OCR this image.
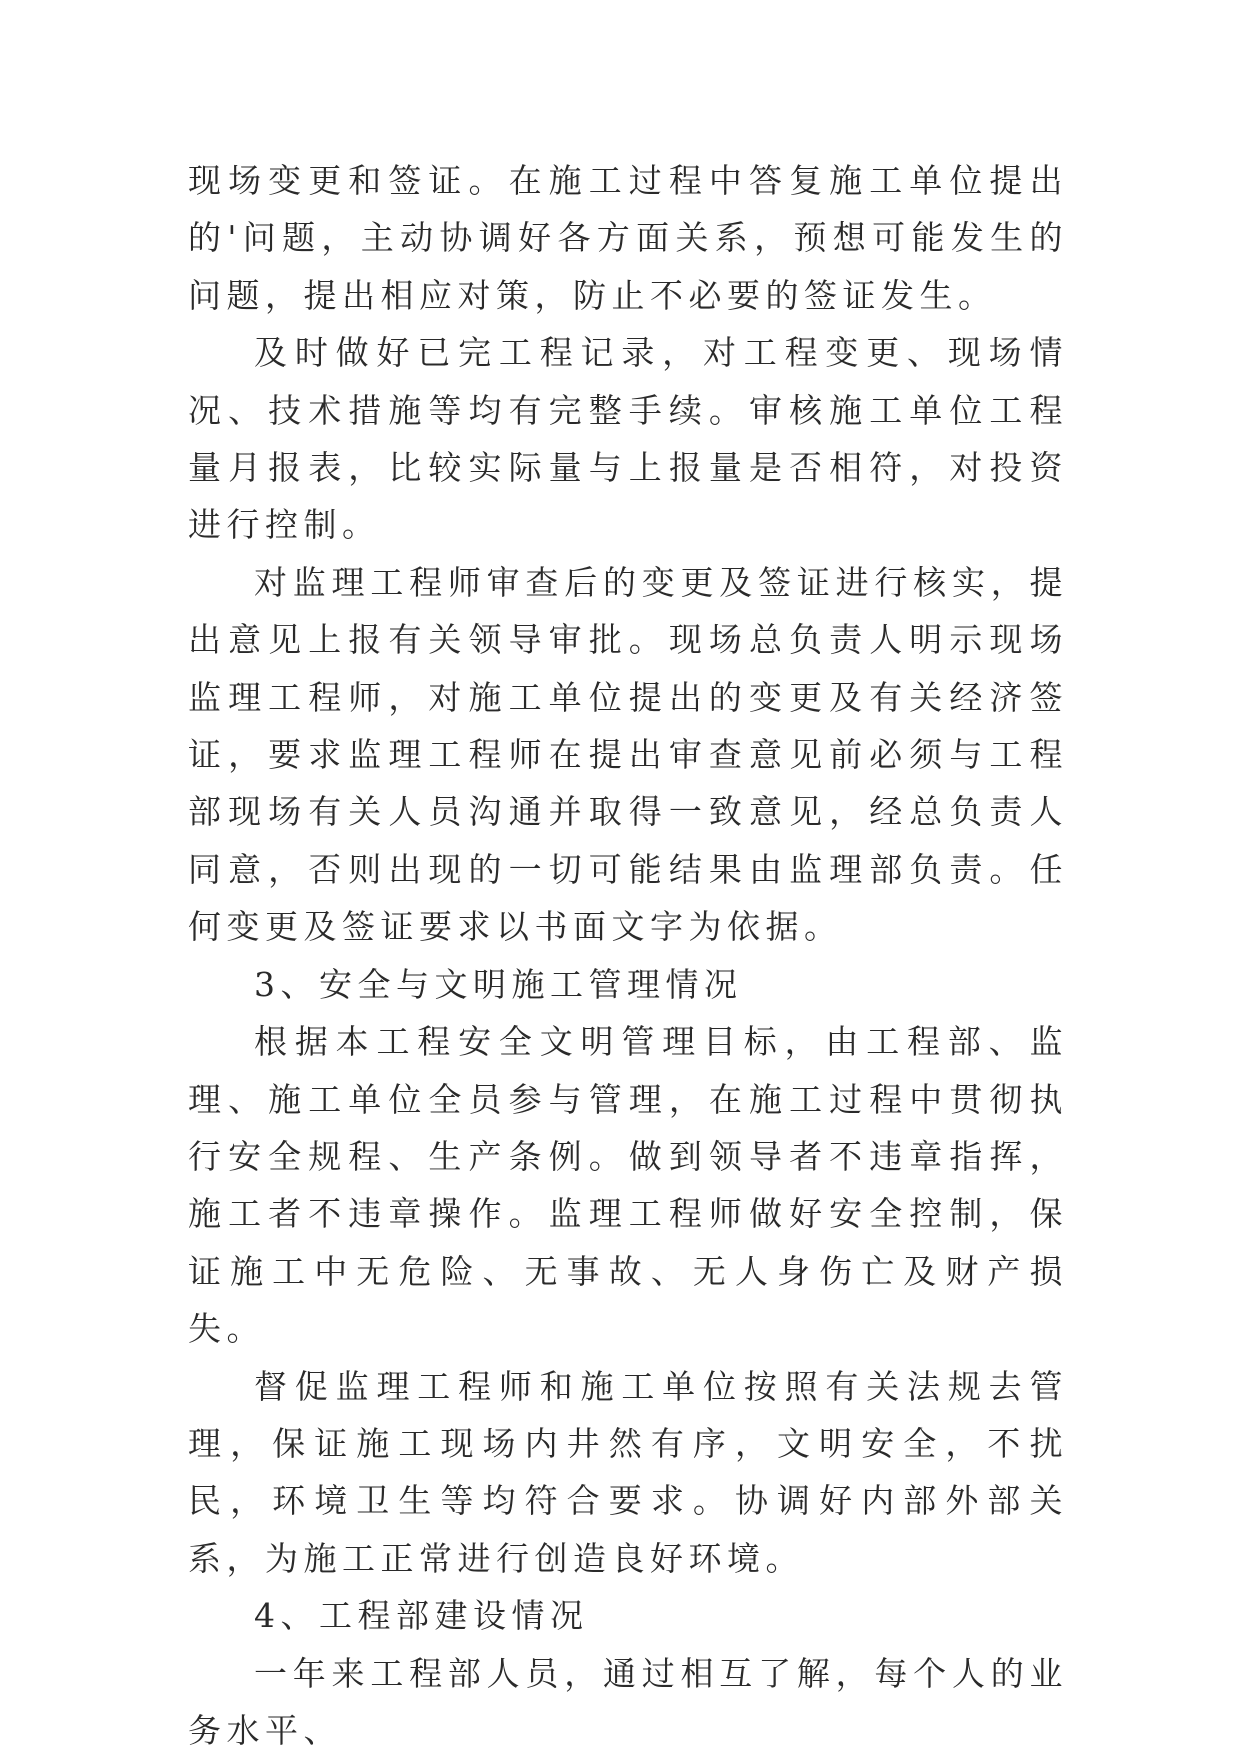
现场变更和签证。在施工过程中答复施工单位提出的'问题，主动协调好各方面关系，预想可能发生的问题，提出相应对策，防止不必要的签证发生。

及时做好已完工程记录，对工程变更、现场情况、技术措施等均有完整手续。审核施工单位工程量月报表，比较实际量与上报量是否相符，对投资进行控制。

对监理工程师审查后的变更及签证进行核实，提出意见上报有关领导审批。现场总负责人明示现场监理工程师，对施工单位提出的变更及有关经济签证，要求监理工程师在提出审查意见前必须与工程部现场有关人员沟通并取得一致意见，经总负责人同意，否则出现的一切可能结果由监理部负责。任何变更及签证要求以书面文字为依据。

3、安全与文明施工管理情况

根据本工程安全文明管理目标，由工程部、监理、施工单位全员参与管理，在施工过程中贯彻执行安全规程、生产条例。做到领导者不违章指挥，施工者不违章操作。监理工程师做好安全控制，保证施工中无危险、无事故、无人身伤亡及财产损失。

督促监理工程师和施工单位按照有关法规去管理，保证施工现场内井然有序，文明安全，不扰民，环境卫生等均符合要求。协调好内部外部关系，为施工正常进行创造良好环境。

4、工程部建设情况

一年来工程部人员，通过相互了解，每个人的业务水平、
